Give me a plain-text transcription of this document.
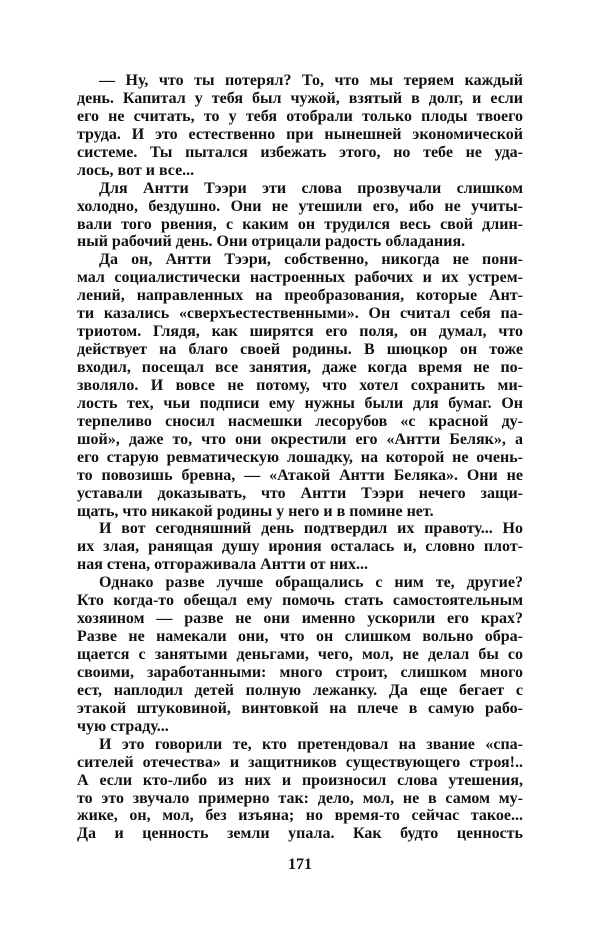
— Ну, что ты потерял? То, что мы теряем каждый
день. Капитал у тебя был чужой, взятый в долг, и если
его не считать, то у тебя отобрали только плоды твоего
труда. И это естественно при нынешней экономической
системе. Ты пытался избежать этого, но тебе не уда-
лось, вот и все...
Для Антти Тээри эти слова прозвучали слишком
холодно, бездушно. Они не утешили его, ибо не учиты-
вали того рвения, с каким он трудился весь свой длин-
ный рабочий день. Они отрицали радость обладания.
Да он, Антти Тээри, собственно, никогда не пони-
мал социалистически настроенных рабочих и их устрем-
лений, направленных на преобразования, которые Ант-
ти казались «сверхъестественными». Он считал себя па-
триотом. Глядя, как ширятся его поля, он думал, что
действует на благо своей родины. В шюцкор он тоже
входил, посещал все занятия, даже когда время не по-
зволяло. И вовсе не потому, что хотел сохранить ми-
лость тех, чьи подписи ему нужны были для бумаг. Он
терпеливо сносил насмешки лесорубов «с красной ду-
шой», даже то, что они окрестили его «Антти Беляк», а
его старую ревматическую лошадку, на которой не очень-
то повозишь бревна, — «Атакой Антти Беляка». Они не
уставали доказывать, что Антти Тээри нечего защи-
щать, что никакой родины у него и в помине нет.
И вот сегодняшний день подтвердил их правоту... Но
их злая, ранящая душу ирония осталась и, словно плот-
ная стена, отгораживала Антти от них...
Однако разве лучше обращались с ним те, другие?
Кто когда-то обещал ему помочь стать самостоятельным
хозяином — разве не они именно ускорили его крах?
Разве не намекали они, что он слишком вольно обра-
щается с занятыми деньгами, чего, мол, не делал бы со
своими, заработанными: много строит, слишком много
ест, наплодил детей полную лежанку. Да еще бегает с
этакой штуковиной, винтовкой на плече в самую рабо-
чую страду...
И это говорили те, кто претендовал на звание «спа-
сителей отечества» и защитников существующего строя!..
А если кто-либо из них и произносил слова утешения,
то это звучало примерно так: дело, мол, не в самом му-
жике, он, мол, без изъяна; но время-то сейчас такое...
Да и ценность земли упала. Как будто ценность
171
